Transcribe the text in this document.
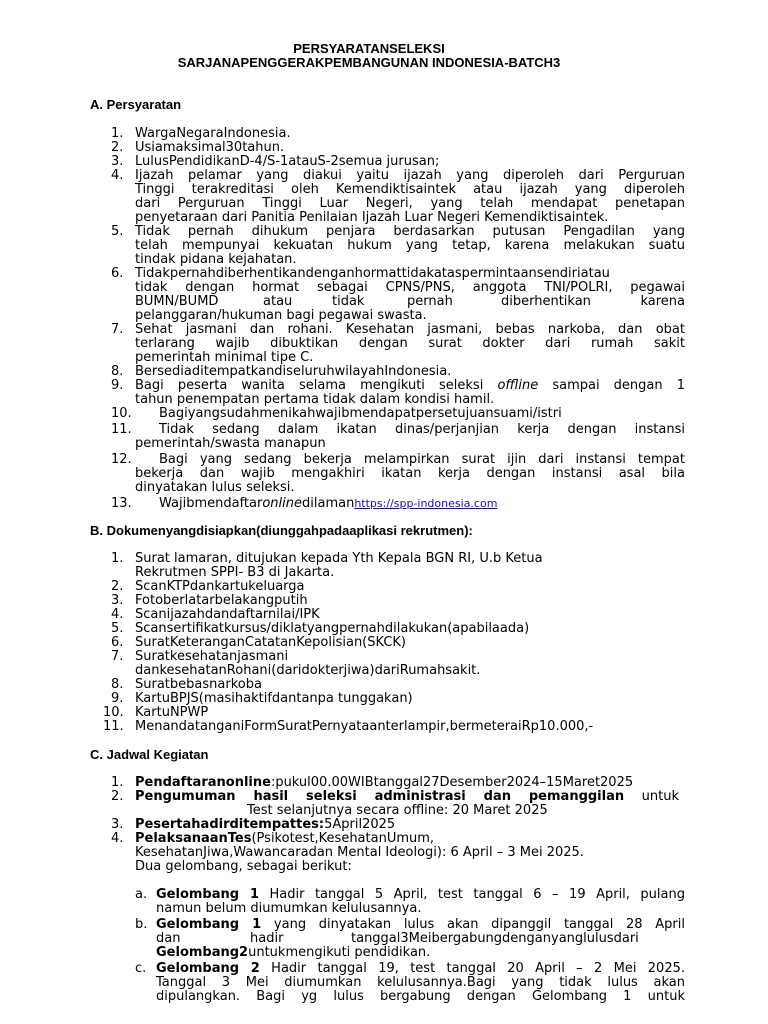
PERSYARATANSELEKSI
SARJANAPENGGERAKPEMBANGUNAN INDONESIA-BATCH3
A. Persyaratan
1. WargaNegaraIndonesia.
2. Usiamaksimal30tahun.
3. LulusPendidikanD-4/S-1atauS-2semua jurusan;
4. Ijazah pelamar yang diakui yaitu ijazah yang diperoleh dari Perguruan
Tinggi terakreditasi oleh Kemendiktisaintek atau ijazah yang diperoleh
dari Perguruan Tinggi Luar Negeri, yang telah mendapat penetapan
penyetaraan dari Panitia Penilaian Ijazah Luar Negeri Kemendiktisaintek.
5. Tidak pernah dihukum penjara berdasarkan putusan Pengadilan yang
telah mempunyai kekuatan hukum yang tetap, karena melakukan suatu
tindak pidana kejahatan.
6. Tidakpernahdiberhentikandenganhormattidakataspermintaansendiriatau
tidak dengan hormat sebagai CPNS/PNS, anggota TNI/POLRI, pegawai
BUMN/BUMD	atau	tidak	pernah	diberhentikan	karena
pelanggaran/hukuman bagi pegawai swasta.
7. Sehat jasmani dan rohani. Kesehatan jasmani, bebas narkoba, dan obat
terlarang wajib dibuktikan dengan surat dokter dari rumah sakit
pemerintah minimal tipe C.
8. BersediaditempatkandiseluruhwilayahIndonesia.
9. Bagi peserta wanita selama mengikuti seleksi offline sampai dengan 1
tahun penempatan pertama tidak dalam kondisi hamil.
10. Bagiyangsudahmenikahwajibmendapatpersetujuansuami/istri
11. Tidak sedang dalam ikatan dinas/perjanjian kerja dengan instansi
pemerintah/swasta manapun
12. Bagi yang sedang bekerja melampirkan surat ijin dari instansi tempat
bekerja dan wajib mengakhiri ikatan kerja dengan instansi asal bila
dinyatakan lulus seleksi.
13. Wajibmendaftaronlinedilamanhttps://spp-indonesia.com
B. Dokumenyangdisiapkan(diunggahpadaaplikasi rekrutmen):
1. Surat lamaran, ditujukan kepada Yth Kepala BGN RI, U.b Ketua
Rekrutmen SPPI- B3 di Jakarta.
2. ScanKTPdankartukeluarga
3. Fotoberlatarbelakangputih
4. Scanijazahdandaftarnilai/IPK
5. Scansertifikatkursus/diklatyangpernahdilakukan(apabilaada)
6. SuratKeteranganCatatanKepolisian(SKCK)
7. Suratkesehatanjasmani
dankesehatanRohani(daridokterjiwa)dariRumahsakit.
8. Suratbebasnarkoba
9. KartuBPJS(masihaktifdantanpa tunggakan)
10. KartuNPWP
11. MenandatanganiFormSuratPernyataanterlampir,bermeteraiRp10.000,-
C. Jadwal Kegiatan
1. Pendaftaranonline:pukul00.00WIBtanggal27Desember2024–15Maret2025
2. Pengumuman hasil seleksi administrasi dan pemanggilan untuk
Test selanjutnya secara offline: 20 Maret 2025
3. Pesertahadirditempattes:5April2025
4. PelaksanaanTes(Psikotest,KesehatanUmum,
KesehatanJiwa,Wawancaradan Mental Ideologi): 6 April – 3 Mei 2025.
Dua gelombang, sebagai berikut:
a. Gelombang 1 Hadir tanggal 5 April, test tanggal 6 – 19 April, pulang
namun belum diumumkan kelulusannya.
b. Gelombang 1 yang dinyatakan lulus akan dipanggil tanggal 28 April
dan	hadir	tanggal3Meibergabungdenganyanglulusdari
Gelombang2untukmengikuti pendidikan.
c. Gelombang 2 Hadir tanggal 19, test tanggal 20 April – 2 Mei 2025.
Tanggal 3 Mei diumumkan kelulusannya.Bagi yang tidak lulus akan
dipulangkan. Bagi yg lulus bergabung dengan Gelombang 1 untuk
